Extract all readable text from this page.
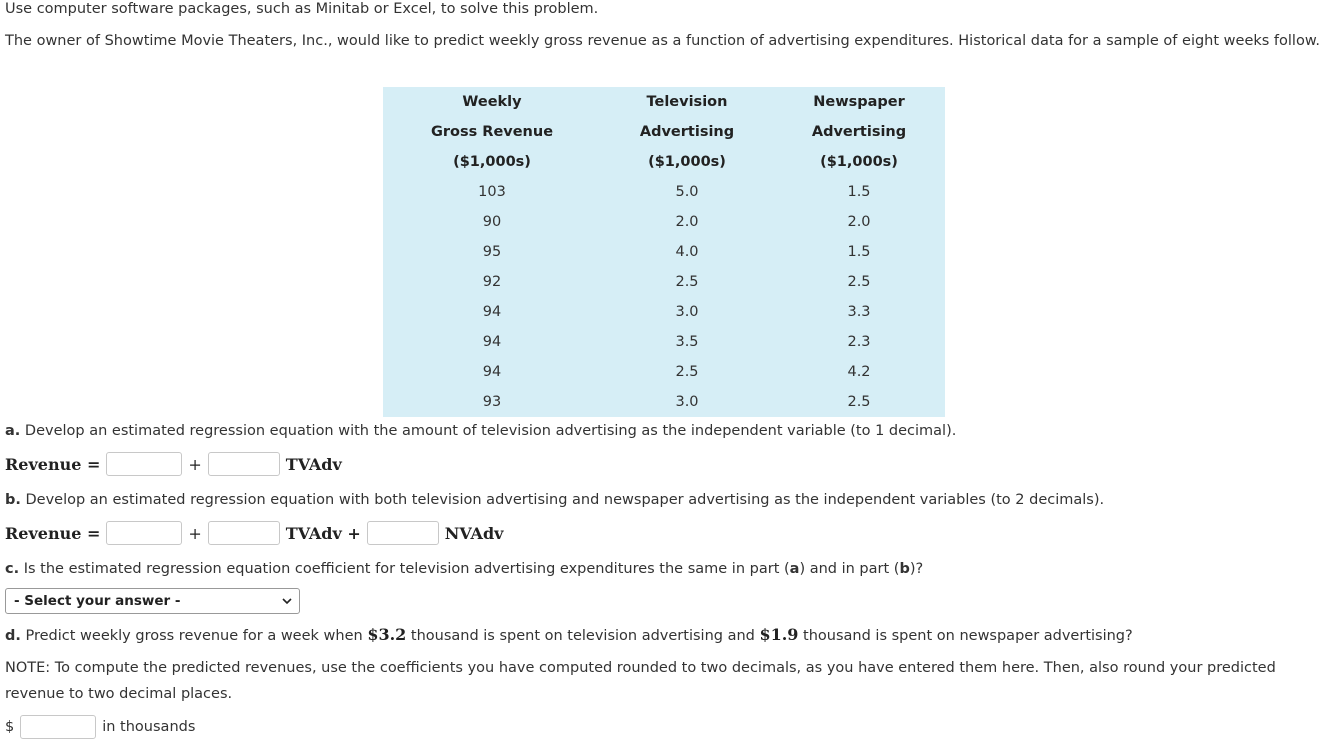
Use computer software packages, such as Minitab or Excel, to solve this problem.
The owner of Showtime Movie Theaters, Inc., would like to predict weekly gross revenue as a function of advertising expenditures. Historical data for a sample of eight weeks follow.
Weekly	Television	Newspaper
Gross Revenue	Advertising	Advertising
($1,000s)	($1,000s)	($1,000s)
103	5.0	1.5
90	2.0	2.0
95	4.0	1.5
92	2.5	2.5
94	3.0	3.3
94	3.5	2.3
94	2.5	4.2
93	3.0	2.5
a. Develop an estimated regression equation with the amount of television advertising as the independent variable (to 1 decimal).
Revenue =	+	TVAdv
b. Develop an estimated regression equation with both television advertising and newspaper advertising as the independent variables (to 2 decimals).
Revenue =	+	TVAdv +	NVAdv
c. Is the estimated regression equation coefficient for television advertising expenditures the same in part (a) and in part (b)?
- Select your answer -
d. Predict weekly gross revenue for a week when $3.2 thousand is spent on television advertising and $1.9 thousand is spent on newspaper advertising?
NOTE: To compute the predicted revenues, use the coefficients you have computed rounded to two decimals, as you have entered them here. Then, also round your predicted revenue to two decimal places.
$	in thousands
